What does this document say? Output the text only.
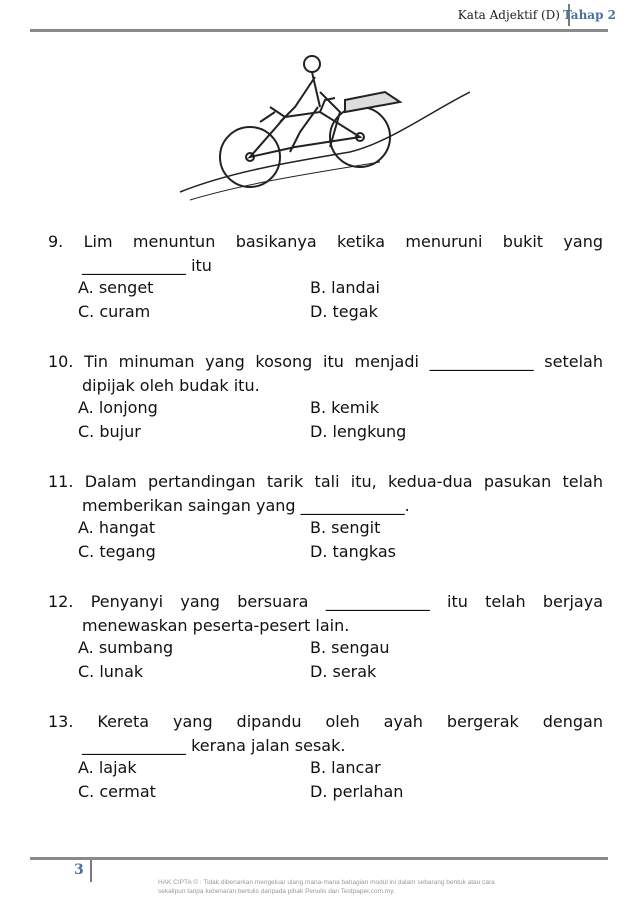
Kata Adjektif (D) Tahap 2
9. Lim menuntun basikanya ketika menuruni bukit yang
_____________ itu
A. senget	B. landai
C. curam	D. tegak
10. Tin minuman yang kosong itu menjadi _____________ setelah
dipijak oleh budak itu.
A. lonjong	B. kemik
C. bujur	D. lengkung
11. Dalam pertandingan tarik tali itu, kedua-dua pasukan telah
memberikan saingan yang _____________.
A. hangat	B. sengit
C. tegang	D. tangkas
12. Penyanyi yang bersuara _____________ itu telah berjaya
menewaskan peserta-pesert lain.
A. sumbang	B. sengau
C. lunak	D. serak
13. Kereta yang dipandu oleh ayah bergerak dengan
_____________ kerana jalan sesak.
A. lajak	B. lancar
C. cermat	D. perlahan
3
HAK CIPTA © : Tidak dibenarkan mengeluar ulang mana-mana bahagian modul ini dalam sebarang bentuk atau cara sekalipun tanpa kebenaran bertulis daripada pihak Penulis dan Testpaper.com.my.
